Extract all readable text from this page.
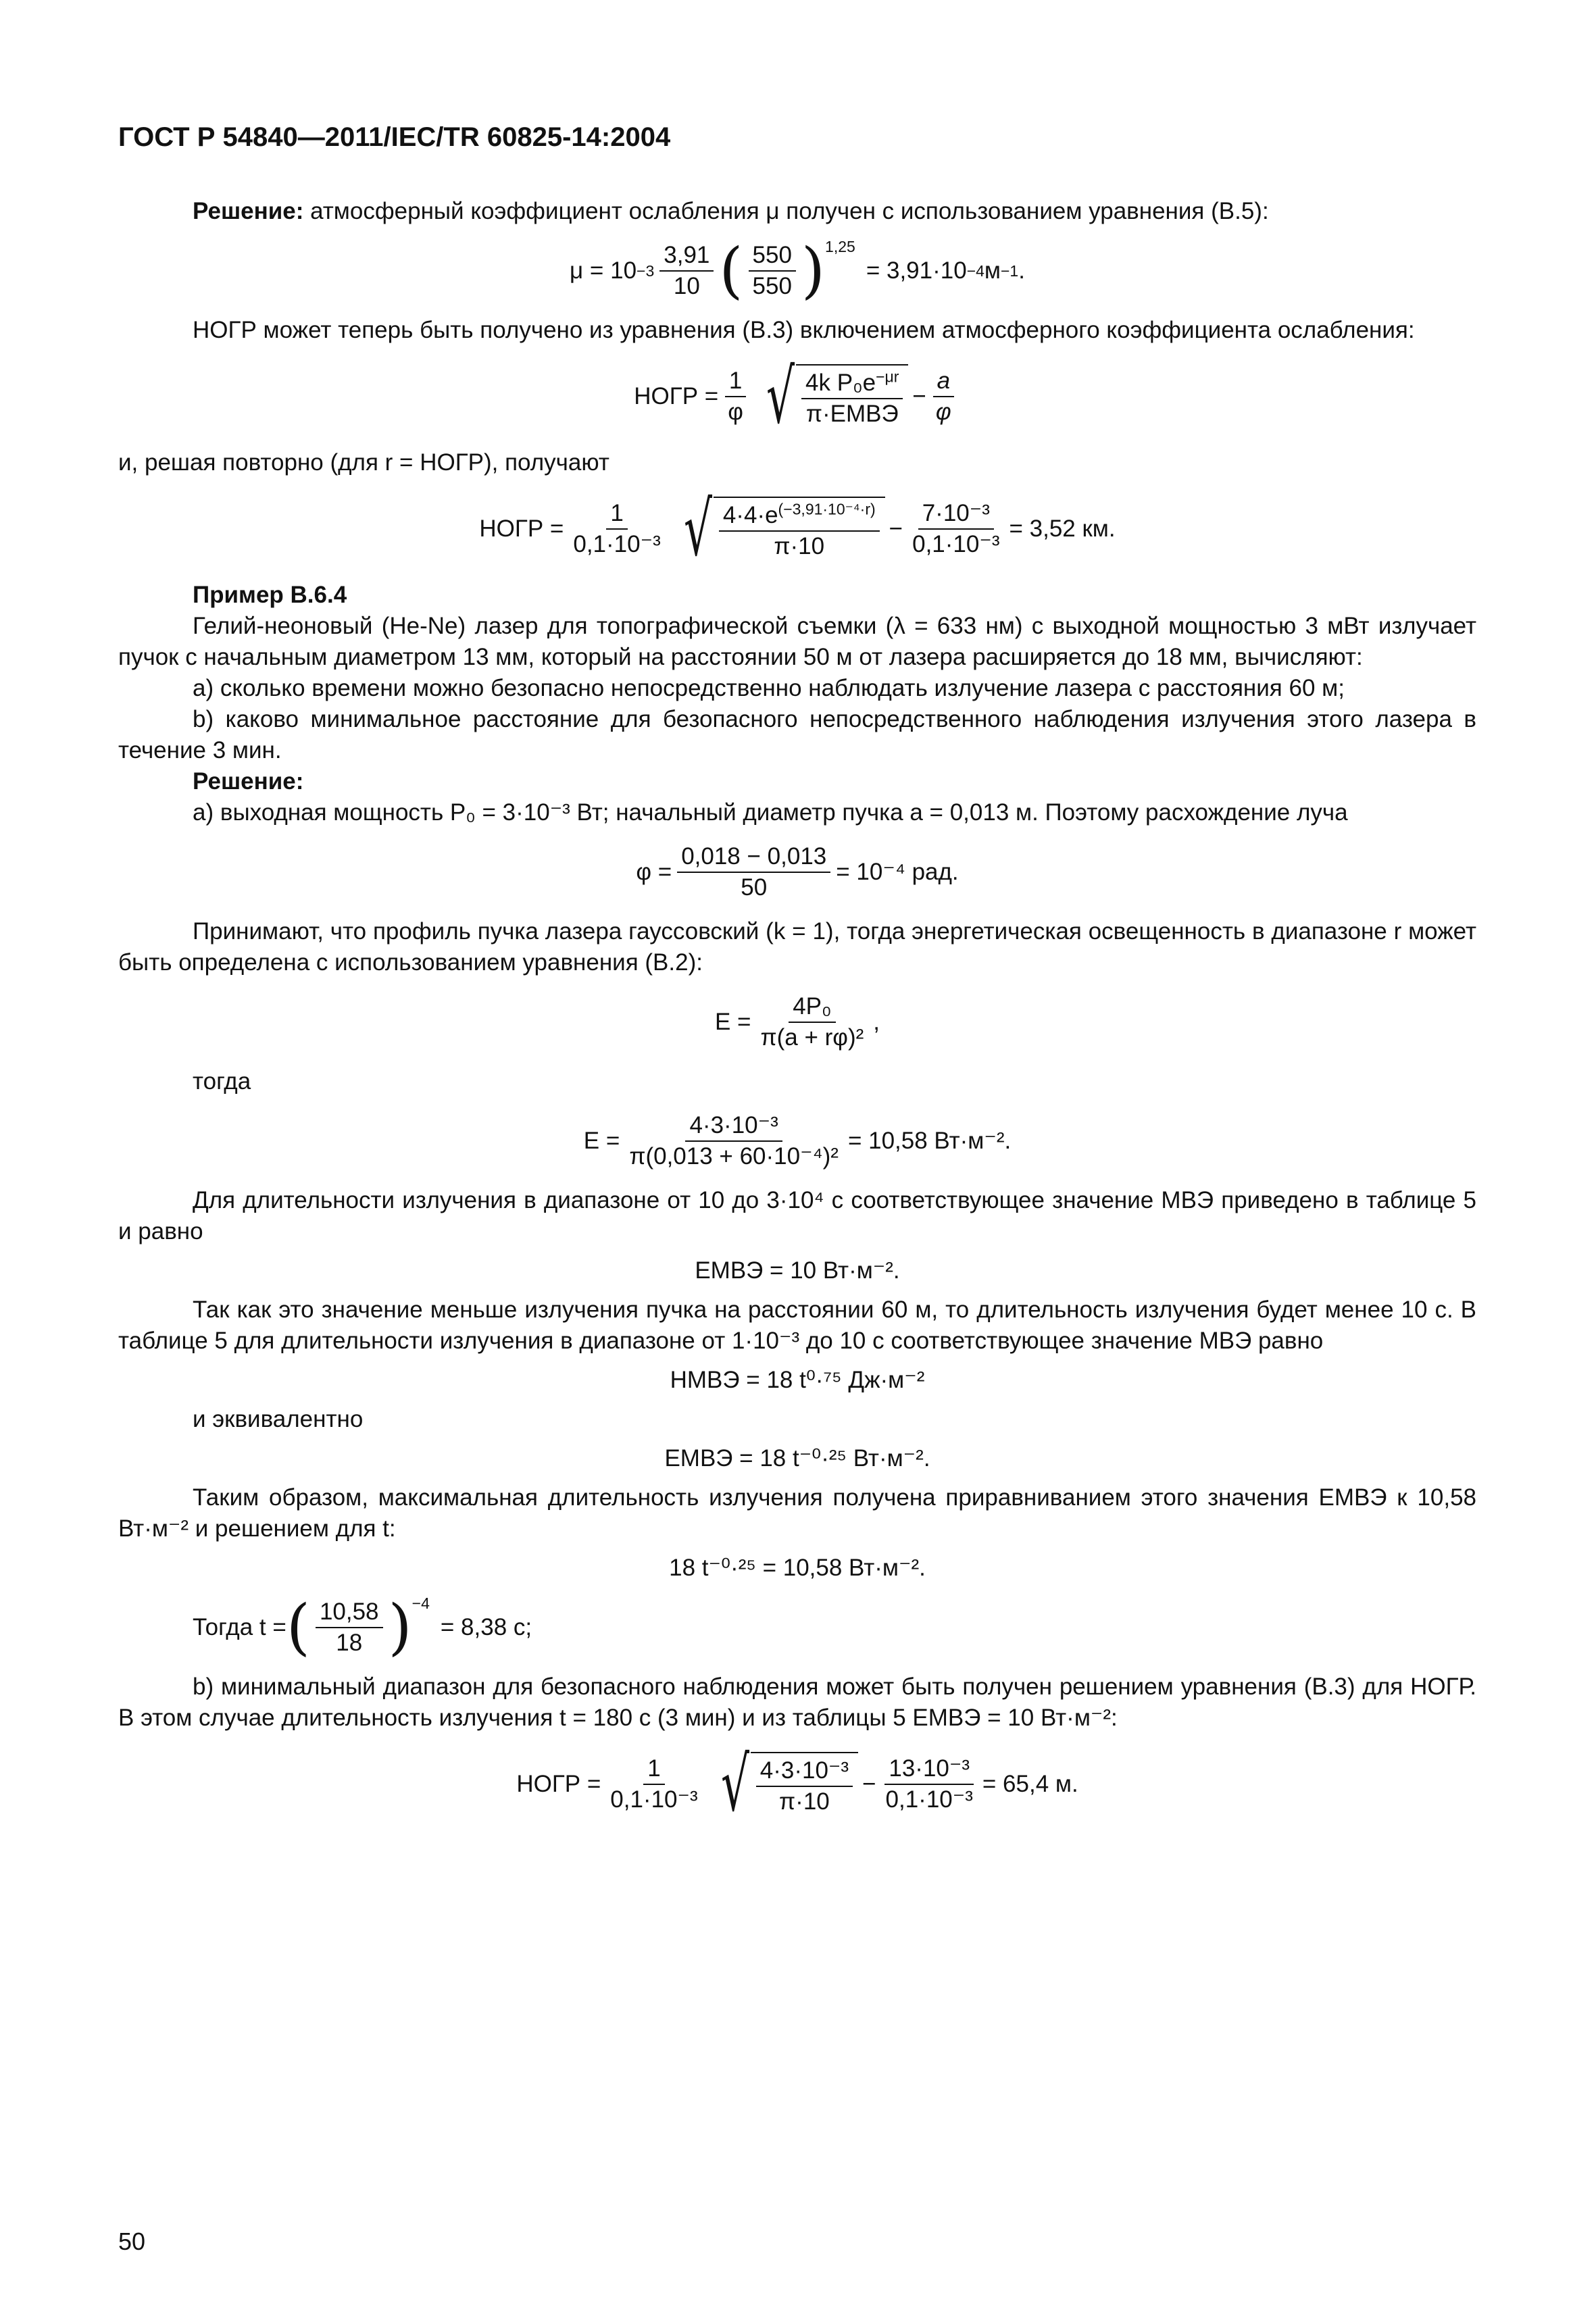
ГОСТ Р 54840—2011/IEC/TR 60825-14:2004

Решение: атмосферный коэффициент ослабления μ получен с использованием уравнения (B.5):

μ = 10 −3
3,91
10 ( 550
550 )$^{1,25}$
= 3,91·10 −4 м −1 .

НОГР может теперь быть получено из уравнения (B.3) включением атмосферного коэффициента ослабления:

НОГР = $\frac{1}{\varphi}$ √ 4k $P_0e^{-\mu r}$
π·EМВЭ
− $\frac{a}{\varphi}$

и, решая повторно (для r = НОГР), получают

НОГР = $\frac{1}{\text{0,1·10⁻³}}$ √ $\frac{4\cdot 4\cdot e^{(-3,91\cdot 10^{-4}\cdot r)}}{\pi\cdot 10} - \frac{\text{7·10⁻³}}{\text{0,1·10⁻³}} = 3,52$ км.

Пример B.6.4

Гелий-неоновый (He-Ne) лазер для топографической съемки (λ = 633 нм) с выходной мощностью 3 мВт излучает пучок с начальным диаметром 13 мм, который на расстоянии 50 м от лазера расширяется до 18 мм, вычисляют:

a) сколько времени можно безопасно непосредственно наблюдать излучение лазера с расстояния 60 м;

b) каково минимальное расстояние для безопасного непосредственного наблюдения излучения этого лазера в течение 3 мин.

Решение:

a) выходная мощность P₀ = 3·10⁻³ Вт; начальный диаметр пучка a = 0,013 м. Поэтому расхождение луча

$\varphi = \frac{0,018 - 0,013}{50} = 10^{-4}$ рад.

Принимают, что профиль пучка лазера гауссовский (k = 1), тогда энергетическая освещенность в диапазоне r может быть определена с использованием уравнения (B.2):

$E = \frac{\text{4P₀}}{\text{π(a + rφ)²}}$ ,

тогда

$E = \frac{\text{4·3·10⁻³}}{\text{π(0,013 + 60·10⁻⁴)²}} = 10,58$ Вт·м⁻².

Для длительности излучения в диапазоне от 10 до 3·10⁴ с соответствующее значение МВЭ приведено в таблице 5 и равно

EМВЭ = 10 Вт·м⁻².

Так как это значение меньше излучения пучка на расстоянии 60 м, то длительность излучения будет менее 10 с. В таблице 5 для длительности излучения в диапазоне от 1·10⁻³ до 10 с соответствующее значение МВЭ равно

HМВЭ = 18 t⁰·⁷⁵ Дж·м⁻²

и эквивалентно

EМВЭ = 18 t⁻⁰·²⁵ Вт·м⁻².

Таким образом, максимальная длительность излучения получена приравниванием этого значения EМВЭ к 10,58 Вт·м⁻² и решением для t:

18 t⁻⁰·²⁵ = 10,58 Вт·м⁻².
Тогда t = ( 10,58
18 )$^{-4}$
= 8,38 с;

b) минимальный диапазон для безопасного наблюдения может быть получен решением уравнения (B.3) для НОГР. В этом случае длительность излучения t = 180 с (3 мин) и из таблицы 5 EМВЭ = 10 Вт·м⁻²:

НОГР = $\frac{1}{\text{0,1·10⁻³}}$ √ $\frac{\text{4·3·10⁻³}}{\pi\cdot 10} - \frac{\text{13·10⁻³}}{\text{0,1·10⁻³}} = 65,4$ м.
50
